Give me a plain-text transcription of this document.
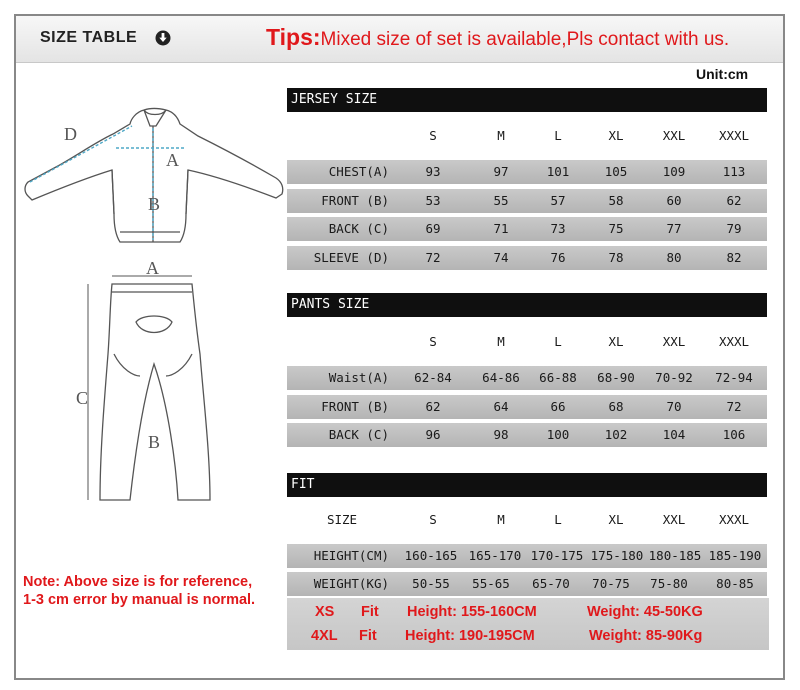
SIZE TABLE	Tips:Mixed size of set is available,Pls contact with us.
Unit:cm
D
A
B
A
C
B
JERSEY SIZE
S	M	L	XL	XXL	XXXL
CHEST(A)	93	97	101	105	109	113
FRONT (B)	53	55	57	58	60	62
BACK (C)	69	71	73	75	77	79
SLEEVE (D)	72	74	76	78	80	82
PANTS SIZE
S	M	L	XL	XXL	XXXL
Waist(A)	62-84	64-86	66-88	68-90	70-92	72-94
FRONT (B)	62	64	66	68	70	72
BACK (C)	96	98	100	102	104	106
FIT
SIZE	S	M	L	XL	XXL	XXXL
HEIGHT(CM)	160-165 165-170 170-175 175-180 180-185 185-190
WEIGHT(KG)	50-55	55-65	65-70	70-75	75-80	80-85
XS Fit Height: 155-160CM	Weight: 45-50KG
4XL Fit Height: 190-195CM	Weight: 85-90Kg
Note: Above size is for reference,
1-3 cm error by manual is normal.
